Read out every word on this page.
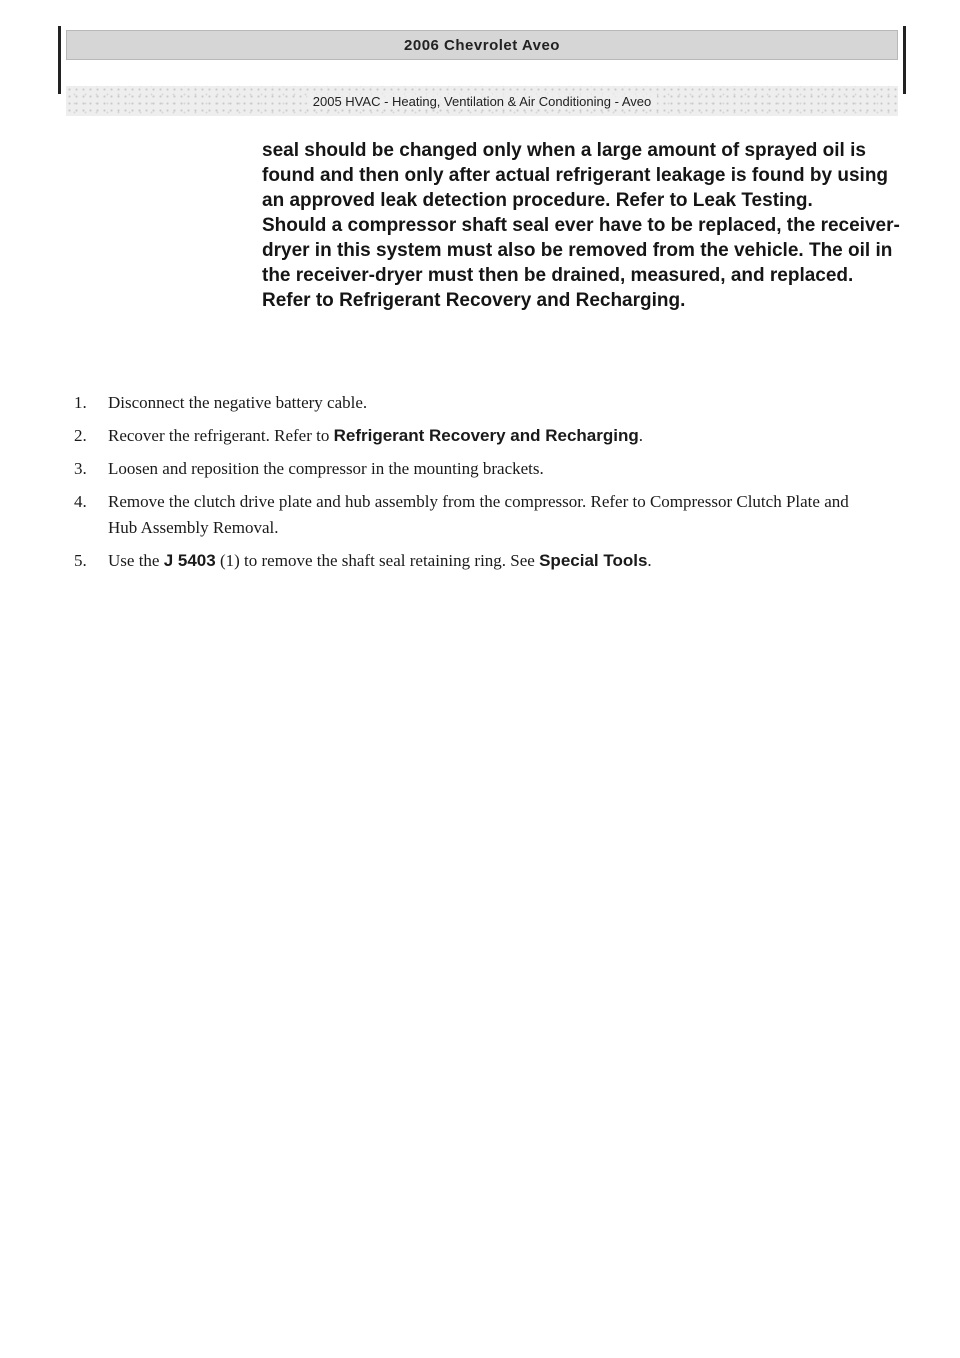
2006 Chevrolet Aveo
2005 HVAC - Heating, Ventilation & Air Conditioning - Aveo

seal should be changed only when a large amount of sprayed oil is found and then only after actual refrigerant leakage is found by using an approved leak detection procedure. Refer to Leak Testing.

Should a compressor shaft seal ever have to be replaced, the receiver-dryer in this system must also be removed from the vehicle. The oil in the receiver-dryer must then be drained, measured, and replaced. Refer to Refrigerant Recovery and Recharging.

1.	Disconnect the negative battery cable.
2.	Recover the refrigerant. Refer to Refrigerant Recovery and Recharging.
3.	Loosen and reposition the compressor in the mounting brackets.
4.	Remove the clutch drive plate and hub assembly from the compressor. Refer to Compressor Clutch Plate and Hub Assembly Removal.
5.	Use the J 5403 (1) to remove the shaft seal retaining ring. See Special Tools.
